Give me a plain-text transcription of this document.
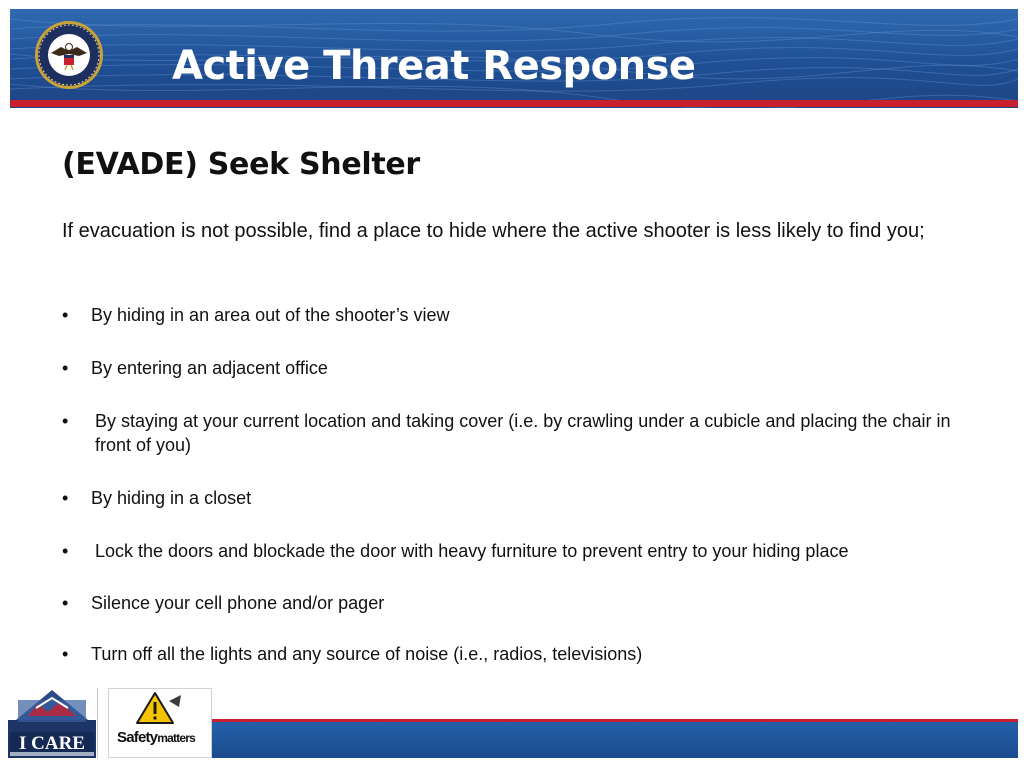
Active Threat Response
(EVADE) Seek Shelter
If evacuation is not possible, find a place to hide where the active shooter is less likely to find you;
• By hiding in an area out of the shooter’s view
• By entering an adjacent office
• By staying at your current location and taking cover (i.e. by crawling under a cubicle and placing the chair in front of you)
• By hiding in a closet
• Lock the doors and blockade the door with heavy furniture to prevent entry to your hiding place
• Silence your cell phone and/or pager
• Turn off all the lights and any source of noise (i.e., radios, televisions)
I CARE Safetymatters
